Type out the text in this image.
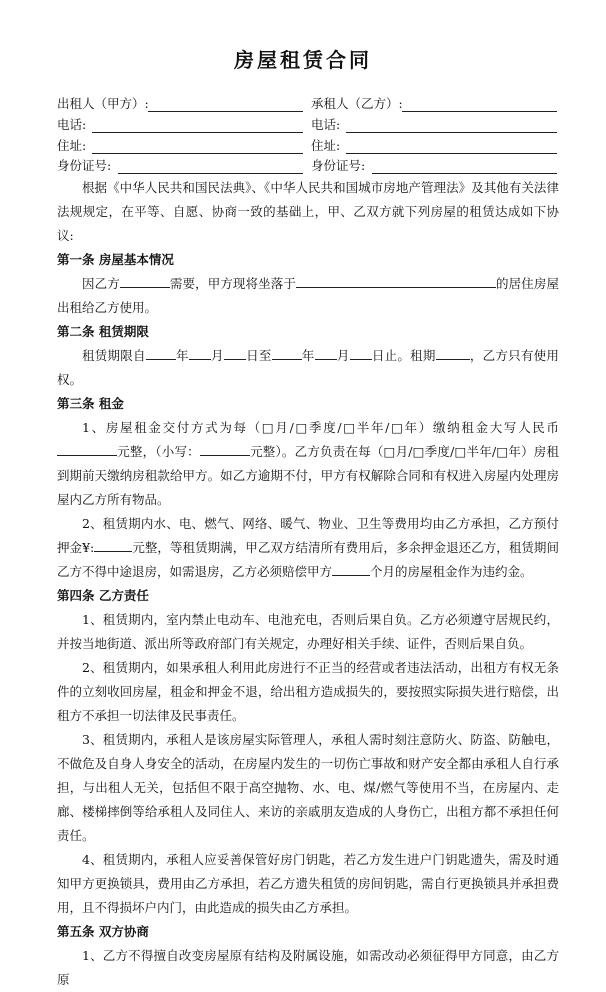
房屋租赁合同
出租人（甲方）:	承租人（乙方）:
电话:	电话:
住址:	住址:
身份证号:	身份证号:
根据《中华人民共和国民法典》、《中华人民共和国城市房地产管理法》及其他有关法律法规规定，在平等、自愿、协商一致的基础上，甲、乙双方就下列房屋的租赁达成如下协议:
第一条 房屋基本情况
因乙方	需要，甲方现将坐落于	的居住房屋出租给乙方使用。
第二条 租赁期限
租赁期限自 年 月 日至 年 月 日止。租期	，乙方只有使用权。
第三条 租金
1、房屋租金交付方式为每（□月/□季度/□半年/□年）缴纳租金大写人民币元整，（小写：	元整）。乙方负责在每（□月/□季度/□半年/□年）房租到期前天缴纳房租款给甲方。如乙方逾期不付，甲方有权解除合同和有权进入房屋内处理房屋内乙方所有物品。
2、租赁期内水、电、燃气、网络、暖气、物业、卫生等费用均由乙方承担，乙方预付押金¥:	元整，等租赁期满，甲乙双方结清所有费用后，多余押金退还乙方，租赁期间乙方不得中途退房，如需退房，乙方必须赔偿甲方	个月的房屋租金作为违约金。
第四条 乙方责任
1、租赁期内，室内禁止电动车、电池充电，否则后果自负。乙方必须遵守居规民约，并按当地街道、派出所等政府部门有关规定，办理好相关手续、证件，否则后果自负。
2、租赁期内，如果承租人利用此房进行不正当的经营或者违法活动，出租方有权无条件的立刻收回房屋，租金和押金不退，给出租方造成损失的，要按照实际损失进行赔偿，出租方不承担一切法律及民事责任。
3、租赁期内，承租人是该房屋实际管理人，承租人需时刻注意防火、防盗、防触电，不做危及自身人身安全的活动，在房屋内发生的一切伤亡事故和财产安全都由承租人自行承担，与出租人无关，包括但不限于高空抛物、水、电、煤/燃气等使用不当，在房屋内、走廊、楼梯摔倒等给承租人及同住人、来访的亲戚朋友造成的人身伤亡，出租方都不承担任何责任。
4、租赁期内，承租人应妥善保管好房门钥匙，若乙方发生进户门钥匙遗失，需及时通知甲方更换锁具，费用由乙方承担，若乙方遗失租赁的房间钥匙，需自行更换锁具并承担费用，且不得损坏户内门，由此造成的损失由乙方承担。
第五条 双方协商
1、乙方不得擅自改变房屋原有结构及附属设施，如需改动必须征得甲方同意，由乙方原
